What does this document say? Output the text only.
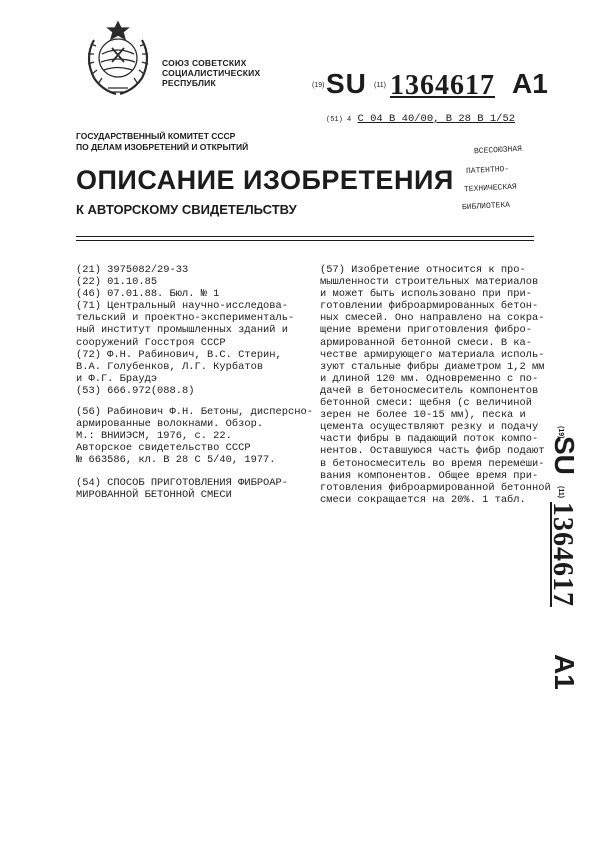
СОЮЗ СОВЕТСКИХ
СОЦИАЛИСТИЧЕСКИХ
РЕСПУБЛИК	(19) SU (11) 1364617 A1
(51) 4 С 04 В 40/00, В 28 В 1/52
ГОСУДАРСТВЕННЫЙ КОМИТЕТ СССР
ПО ДЕЛАМ ИЗОБРЕТЕНИЙ И ОТКРЫТИЙ	ВСЕСОЮЗНАЯ
ПАТЕНТНО-
ТЕХНИЧЕСКАЯ
БИБЛИОТЕКА
ОПИСАНИЕ ИЗОБРЕТЕНИЯ
К АВТОРСКОМУ СВИДЕТЕЛЬСТВУ
(21) 3975082/29-33
(22) 01.10.85
(46) 07.01.88. Бюл. № 1
(71) Центральный научно-исследова-
тельский и проектно-эксперименталь-
ный институт промышленных зданий и
сооружений Госстроя СССР
(72) Ф.Н. Рабинович, В.С. Стерин,
В.А. Голубенков, Л.Г. Курбатов
и Ф.Г. Браудэ
(53) 666.972(088.8)
(56) Рабинович Ф.Н. Бетоны, дисперсно-
армированные волокнами. Обзор.
М.: ВНИИЭСМ, 1976, с. 22.
Авторское свидетельство СССР
№ 663586, кл. В 28 С 5/40, 1977.
(54) СПОСОБ ПРИГОТОВЛЕНИЯ ФИБРОАР-
МИРОВАННОЙ БЕТОННОЙ СМЕСИ
(57) Изобретение относится к про-
мышленности строительных материалов
и может быть использовано при при-
готовлении фиброармированных бетон-
ных смесей. Оно направлено на сокра-
щение времени приготовления фибро-
армированной бетонной смеси. В ка-
честве армирующего материала исполь-
зуют стальные фибры диаметром 1,2 мм
и длиной 120 мм. Одновременно с по-
дачей в бетоносмеситель компонентов
бетонной смеси: щебня (с величиной
зерен не более 10-15 мм), песка и
цемента осуществляют резку и подачу
части фибры в падающий поток компо-
нентов. Оставшуюся часть фибр подают
в бетоносмеситель во время перемеши-
вания компонентов. Общее время при-
готовления фиброармированной бетонной
смеси сокращается на 20%. 1 табл.
(19)
SU
(11)
1364617
A1
